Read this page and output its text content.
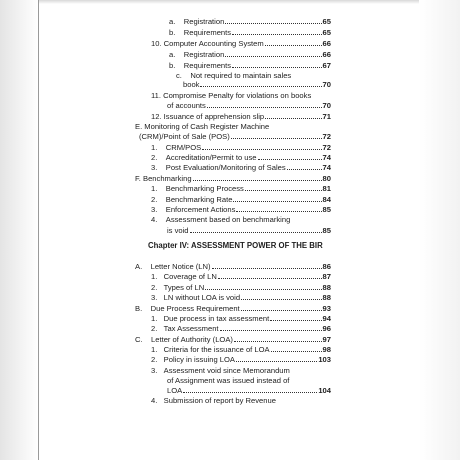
a.    Registration	65
b.    Requirements	65
10. Computer Accounting System	66
a.    Registration	66
b.    Requirements	67
c.    Not required to maintain sales
book	70
11. Compromise Penalty for violations on books
of accounts	70
12. Issuance of apprehension slip	71
E. Monitoring of Cash Register Machine
(CRM)/Point of Sale (POS)	72
1.    CRM/POS	72
2.    Accreditation/Permit to use	74
3.    Post Evaluation/Monitoring of Sales	74
F. Benchmarking	80
1.    Benchmarking Process	81
2.    Benchmarking Rate	84
3.    Enforcement Actions	85
4.    Assessment based on benchmarking
is void	85
Chapter IV: ASSESSMENT POWER OF THE BIR
A.    Letter Notice (LN)	86
1.   Coverage of LN	87
2.   Types of LN	88
3.   LN without LOA is void	88
B.    Due Process Requirement	93
1.   Due process in tax assessment	94
2.   Tax Assessment	96
C.    Letter of Authority (LOA)	97
1.   Criteria for the issuance of LOA	98
2.   Policy in issuing LOA	103
3.   Assessment void since Memorandum
of Assignment was issued instead of
LOA	104
4.   Submission of report by Revenue
